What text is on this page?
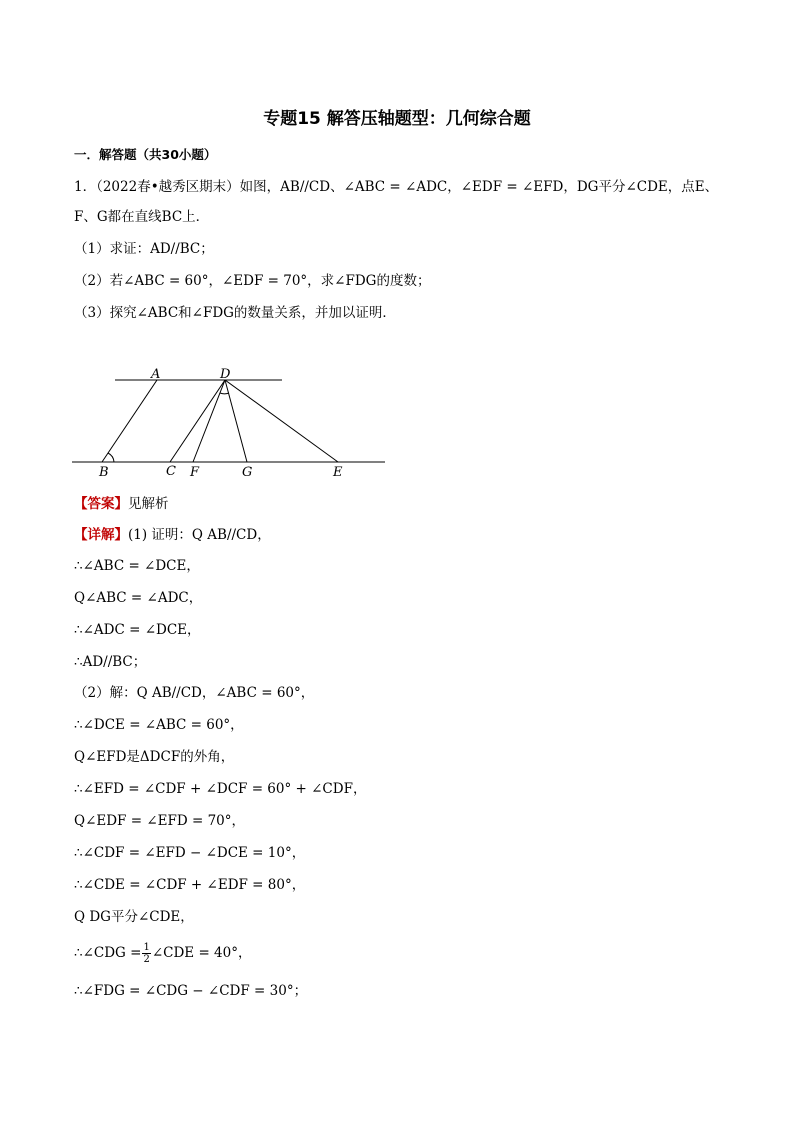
专题15 解答压轴题型：几何综合题
一．解答题（共30小题）
1．（2022春•越秀区期末）如图，AB//CD、∠ABC = ∠ADC，∠EDF = ∠EFD，DG平分∠CDE，点E、F、G都在直线BC上．
（1）求证：AD//BC；
（2）若∠ABC = 60°，∠EDF = 70°，求∠FDG的度数；
（3）探究∠ABC和∠FDG的数量关系，并加以证明．
A	D
B	C F	G	E
【答案】见解析
【详解】(1) 证明：Q AB//CD，
∴∠ABC = ∠DCE，
Q∠ABC = ∠ADC，
∴∠ADC = ∠DCE，
∴AD//BC；
（2）解：Q AB//CD，∠ABC = 60°，
∴∠DCE = ∠ABC = 60°，
Q∠EFD是ΔDCF的外角，
∴∠EFD = ∠CDF + ∠DCF = 60° + ∠CDF，
Q∠EDF = ∠EFD = 70°，
∴∠CDF = ∠EFD − ∠DCE = 10°，
∴∠CDE = ∠CDF + ∠EDF = 80°，
Q DG平分∠CDE，
∴∠CDG = $\frac{1}{2}$ ∠CDE = 40°，
∴∠FDG = ∠CDG − ∠CDF = 30°；
